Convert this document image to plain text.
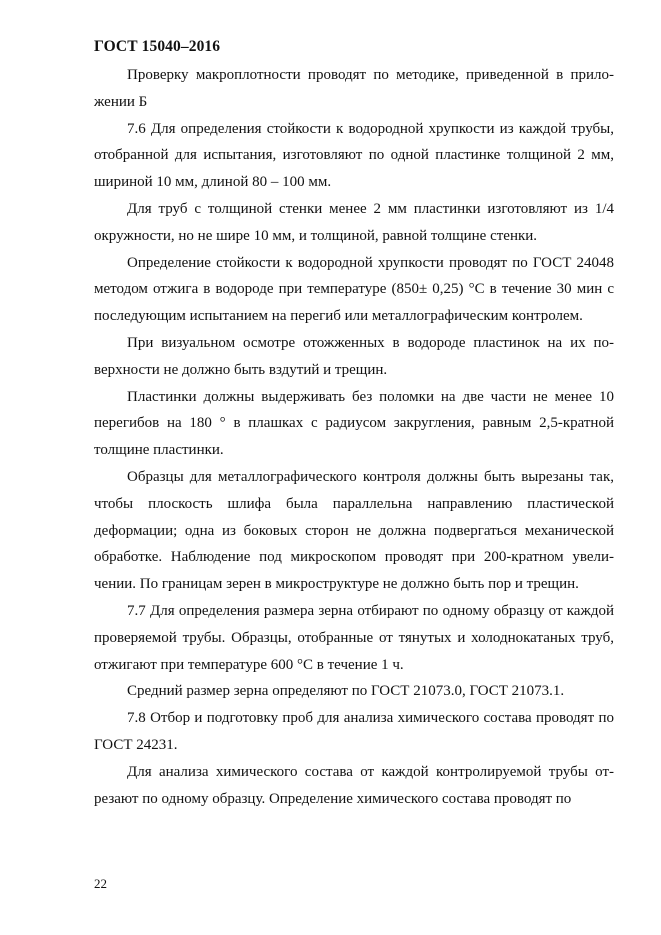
ГОСТ 15040–2016

Проверку макроплотности проводят по методике, приведенной в приложении Б

7.6 Для определения стойкости к водородной хрупкости из каждой трубы, отобранной для испытания, изготовляют по одной пластинке толщиной 2 мм, шириной 10 мм, длиной 80 – 100 мм.

Для труб с толщиной стенки менее 2 мм пластинки изготовляют из 1/4 окружности, но не шире 10 мм, и толщиной, равной толщине стенки.

Определение стойкости к водородной хрупкости проводят по ГОСТ 24048 методом отжига в водороде при температуре (850± 0,25) °С в течение 30 мин с последующим испытанием на перегиб или металлографическим контролем.

При визуальном осмотре отожженных в водороде пластинок на их поверхности не должно быть вздутий и трещин.

Пластинки должны выдерживать без поломки на две части не менее 10 перегибов на 180 ° в плашках с радиусом закругления, равным 2,5-кратной толщине пластинки.

Образцы для металлографического контроля должны быть вырезаны так, чтобы плоскость шлифа была параллельна направлению пластической деформации; одна из боковых сторон не должна подвергаться механической обработке. Наблюдение под микроскопом проводят при 200-кратном увеличении. По границам зерен в микроструктуре не должно быть пор и трещин.

7.7 Для определения размера зерна отбирают по одному образцу от каждой проверяемой трубы. Образцы, отобранные от тянутых и холоднокатаных труб, отжигают при температуре 600 °С в течение 1 ч.

Средний размер зерна определяют по ГОСТ 21073.0, ГОСТ 21073.1.

7.8 Отбор и подготовку проб для анализа химического состава проводят по ГОСТ 24231.

Для анализа химического состава от каждой контролируемой трубы отрезают по одному образцу. Определение химического состава проводят по

22
